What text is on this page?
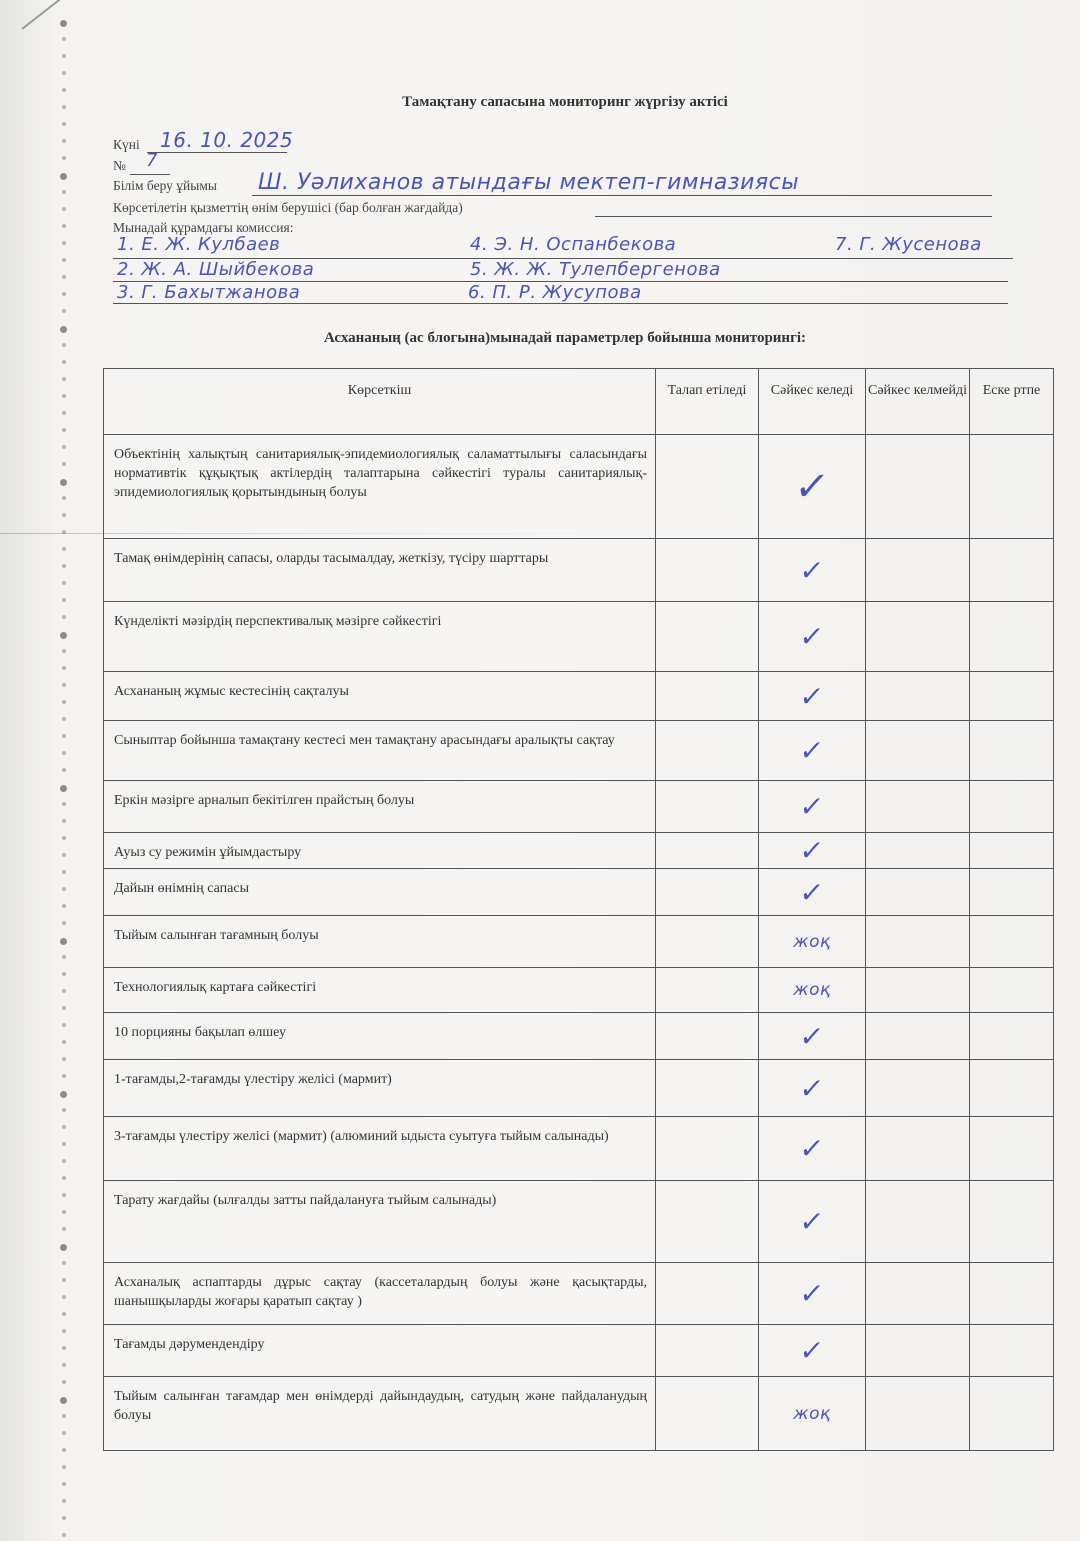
Тамақтану сапасына мониторинг жүргізу актісі
Күні 16. 10. 2025
№ 7
Білім беру ұйымы Ш. Уәлиханов атындағы мектеп-гимназиясы
Көрсетілетін қызметтің өнім берушісі (бар болған жағдайда)
Мынадай құрамдағы комиссия:
1. Е. Ж. Кулбаев	4. Э. Н. Оспанбекова	7. Г. Жусенова
2. Ж. А. Шыйбекова	5. Ж. Ж. Тулепбергенова
3. Г. Бахытжанова	6. П. Р. Жусупова
Асхананың (ас блогына)мынадай параметрлер бойынша мониторингі:
Көрсеткіш	Талап етіледі	Сәйкес келеді	Сәйкес келмейді	Еске ртпе
Объектінің халықтың санитариялық-эпидемиологиялық саламаттылығы саласындағы нормативтік құқықтық актілердің талаптарына сәйкестігі туралы санитариялық-эпидемиологиялық қорытындының болуы		✓		
Тамақ өнімдерінің сапасы, оларды тасымалдау, жеткізу, түсіру шарттары		✓		
Күнделікті мәзірдің перспективалық мәзірге сәйкестігі		✓		
Асхананың жұмыс кестесінің сақталуы		✓		
Сыныптар бойынша тамақтану кестесі мен тамақтану арасындағы аралықты сақтау		✓		
Еркін мәзірге арналып бекітілген прайстың болуы		✓		
Ауыз су режимін ұйымдастыру		✓		
Дайын өнімнің сапасы		✓		
Тыйым салынған тағамның болуы		жоқ		
Технологиялық картаға сәйкестігі		жоқ		
10 порцияны бақылап өлшеу		✓		
1-тағамды,2-тағамды үлестіру желісі (мармит)		✓		
3-тағамды үлестіру желісі (мармит) (алюминий ыдыста суытуға тыйым салынады)		✓		
Тарату жағдайы (ылғалды затты пайдалануға тыйым салынады)		✓		
Асханалық аспаптарды дұрыс сақтау (кассеталардың болуы және қасықтарды, шанышқыларды жоғары қаратып сақтау )		✓		
Тағамды дәрумендендіру		✓		
Тыйым салынған тағамдар мен өнімдерді дайындаудың, сатудың және пайдаланудың болуы		жоқ		
